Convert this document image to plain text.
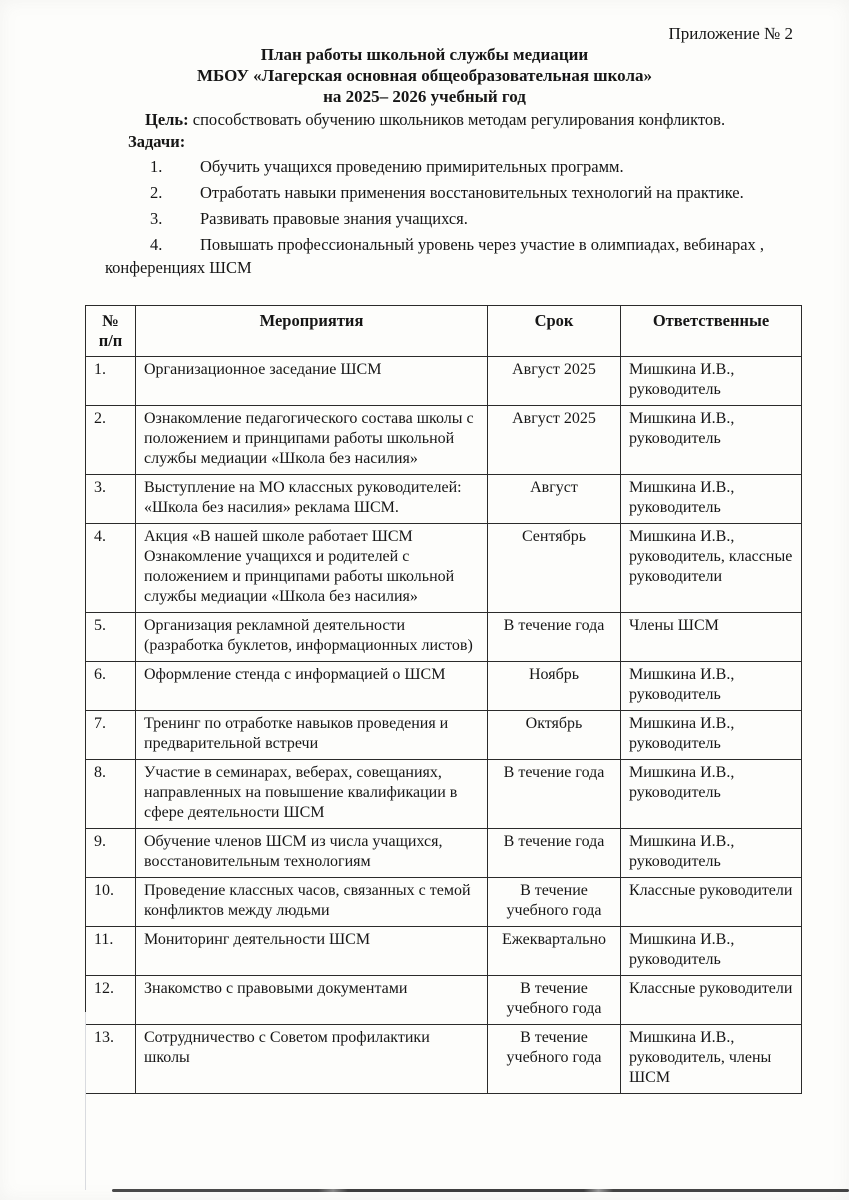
Приложение № 2
План работы школьной службы медиации
МБОУ «Лагерская основная общеобразовательная школа»
на 2025– 2026 учебный год
Цель: способствовать обучению школьников методам регулирования конфликтов.
Задачи:
1. Обучить учащихся проведению примирительных программ.
2. Отработать навыки применения восстановительных технологий на практике.
3. Развивать правовые знания учащихся.
4. Повышать профессиональный уровень через участие в олимпиадах, вебинарах , конференциях ШСМ
№
п/п	Мероприятия	Срок	Ответственные
1.	Организационное заседание ШСМ	Август 2025	Мишкина И.В., руководитель
2.	Ознакомление педагогического состава школы с положением и принципами работы школьной службы медиации «Школа без насилия»	Август 2025	Мишкина И.В., руководитель
3.	Выступление на МО классных руководителей: «Школа без насилия» реклама ШСМ.	Август	Мишкина И.В., руководитель
4.	Акция «В нашей школе работает ШСМ Ознакомление учащихся и родителей с положением и принципами работы школьной службы медиации «Школа без насилия»	Сентябрь	Мишкина И.В., руководитель, классные руководители
5.	Организация рекламной деятельности (разработка буклетов, информационных листов)	В течение года	Члены ШСМ
6.	Оформление стенда с информацией о ШСМ	Ноябрь	Мишкина И.В., руководитель
7.	Тренинг по отработке навыков проведения и предварительной встречи	Октябрь	Мишкина И.В., руководитель
8.	Участие в семинарах, веберах, совещаниях, направленных на повышение квалификации в сфере деятельности ШСМ	В течение года	Мишкина И.В., руководитель
9.	Обучение членов ШСМ из числа учащихся, восстановительным технологиям	В течение года	Мишкина И.В., руководитель
10.	Проведение классных часов, связанных с темой конфликтов между людьми	В течение учебного года	Классные руководители
11.	Мониторинг деятельности ШСМ	Ежеквартально	Мишкина И.В., руководитель
12.	Знакомство с правовыми документами	В течение учебного года	Классные руководители
13.	Сотрудничество с Советом профилактики школы	В течение учебного года	Мишкина И.В., руководитель, члены ШСМ
